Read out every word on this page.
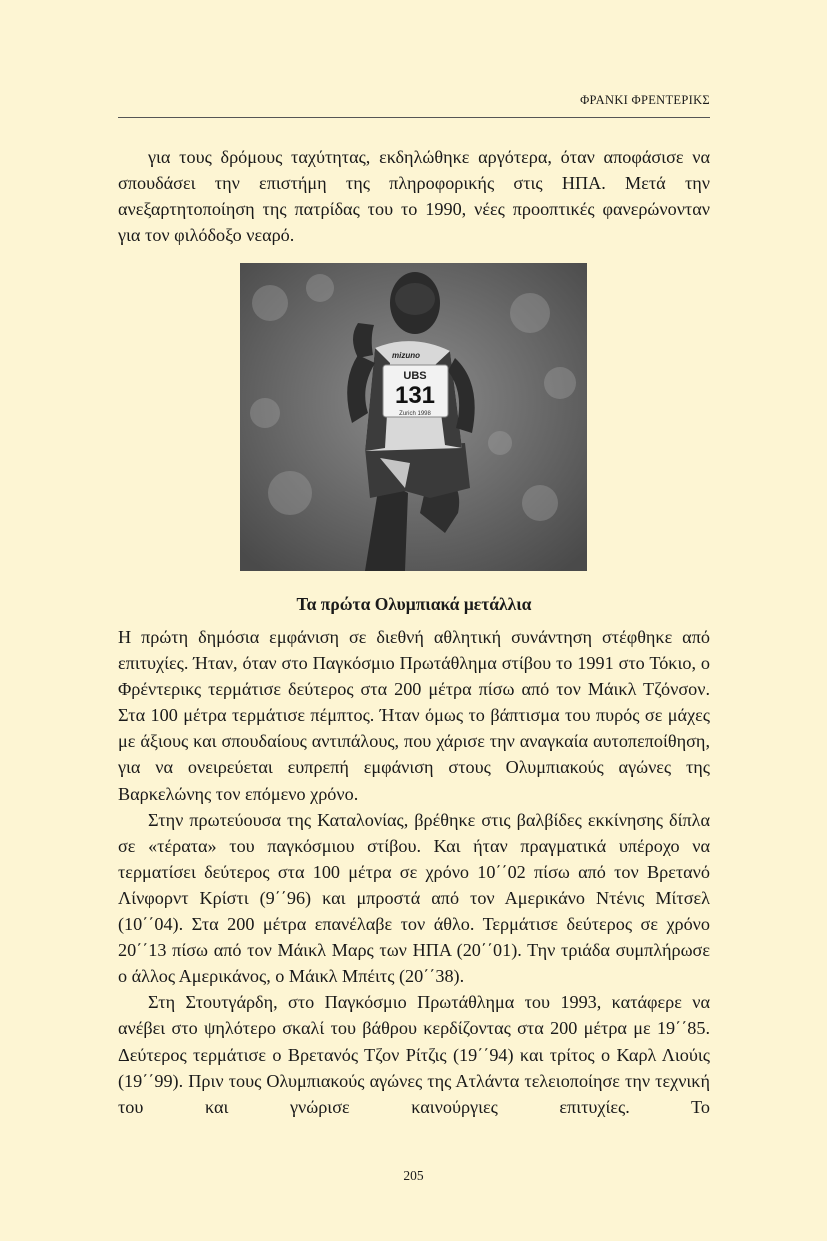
ΦΡΑΝΚΙ ΦΡΕΝΤΕΡΙΚΣ

για τους δρόμους ταχύτητας, εκδηλώθηκε αργότερα, όταν αποφάσισε να σπουδάσει την επιστήμη της πληροφορικής στις ΗΠΑ. Μετά την ανεξαρτητοποίηση της πατρίδας του το 1990, νέες προοπτικές φανερώνονταν για τον φιλόδοξο νεαρό.

UBS
131
Zurich 1998
mizuno
Τα πρώτα Ολυμπιακά μετάλλια

Η πρώτη δημόσια εμφάνιση σε διεθνή αθλητική συνάντηση στέφθηκε από επιτυχίες. Ήταν, όταν στο Παγκόσμιο Πρωτάθλημα στίβου το 1991 στο Τόκιο, ο Φρέντερικς τερμάτισε δεύτερος στα 200 μέτρα πίσω από τον Μάικλ Τζόνσον. Στα 100 μέτρα τερμάτισε πέμπτος. Ήταν όμως το βάπτισμα του πυρός σε μάχες με άξιους και σπουδαίους αντιπάλους, που χάρισε την αναγκαία αυτοπεποίθηση, για να ονειρεύεται ευπρεπή εμφάνιση στους Ολυμπιακούς αγώνες της Βαρκελώνης τον επόμενο χρόνο.

Στην πρωτεύουσα της Καταλονίας, βρέθηκε στις βαλβίδες εκκίνησης δίπλα σε «τέρατα» του παγκόσμιου στίβου. Και ήταν πραγματικά υπέροχο να τερματίσει δεύτερος στα 100 μέτρα σε χρόνο 10΄΄02 πίσω από τον Βρετανό Λίνφορντ Κρίστι (9΄΄96) και μπροστά από τον Αμερικάνο Ντένις Μίτσελ (10΄΄04). Στα 200 μέτρα επανέλαβε τον άθλο. Τερμάτισε δεύτερος σε χρόνο 20΄΄13 πίσω από τον Μάικλ Μαρς των ΗΠΑ (20΄΄01). Την τριάδα συμπλήρωσε ο άλλος Αμερικάνος, ο Μάικλ Μπέιτς (20΄΄38).

Στη Στουτγάρδη, στο Παγκόσμιο Πρωτάθλημα του 1993, κατάφερε να ανέβει στο ψηλότερο σκαλί του βάθρου κερδίζοντας στα 200 μέτρα με 19΄΄85. Δεύτερος τερμάτισε ο Βρετανός Τζον Ρίτζις (19΄΄94) και τρίτος ο Καρλ Λιούις (19΄΄99). Πριν τους Ολυμπιακούς αγώνες της Ατλάντα τελειοποίησε την τεχνική του και γνώρισε καινούργιες επιτυχίες. Το

205
